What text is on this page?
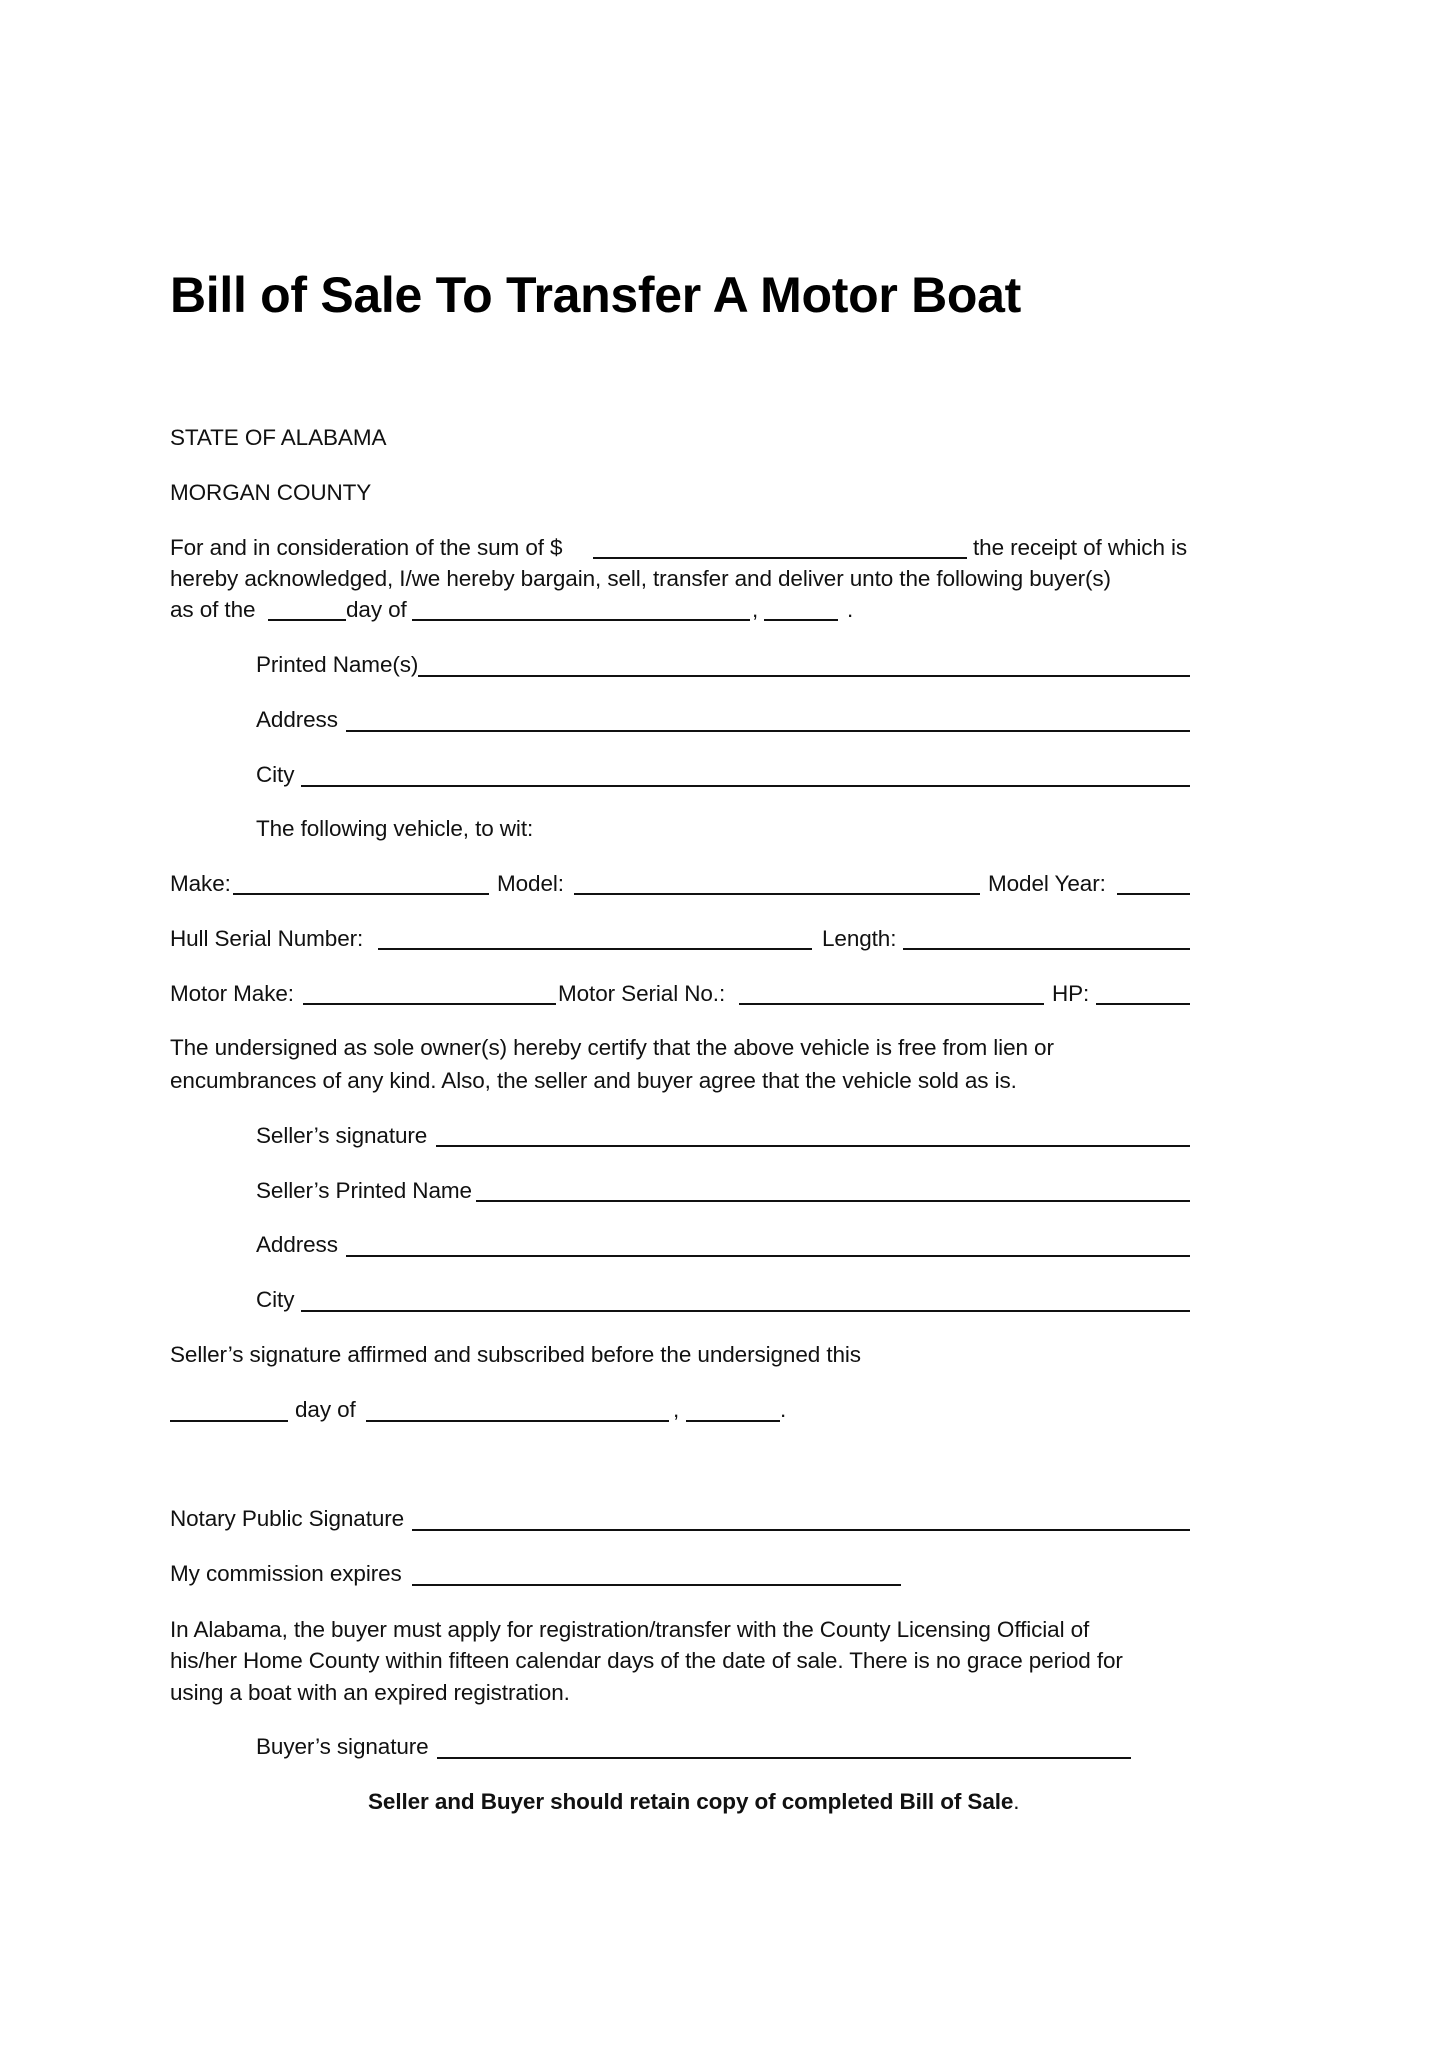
Bill of Sale To Transfer A Motor Boat
STATE OF ALABAMA
MORGAN COUNTY
For and in consideration of the sum of $	the receipt of which is
hereby acknowledged, I/we hereby bargain, sell, transfer and deliver unto the following buyer(s)
as of the	day of	,	.
Printed Name(s)
Address
City
The following vehicle, to wit:
Make:	Model:	Model Year:
Hull Serial Number:	Length:
Motor Make:	Motor Serial No.:	HP:
The undersigned as sole owner(s) hereby certify that the above vehicle is free from lien or
encumbrances of any kind. Also, the seller and buyer agree that the vehicle sold as is.
Seller’s signature
Seller’s Printed Name
Address
City
Seller’s signature affirmed and subscribed before the undersigned this
day of	,	.
Notary Public Signature
My commission expires
In Alabama, the buyer must apply for registration/transfer with the County Licensing Official of
his/her Home County within fifteen calendar days of the date of sale. There is no grace period for
using a boat with an expired registration.
Buyer’s signature
Seller and Buyer should retain copy of completed Bill of Sale.
